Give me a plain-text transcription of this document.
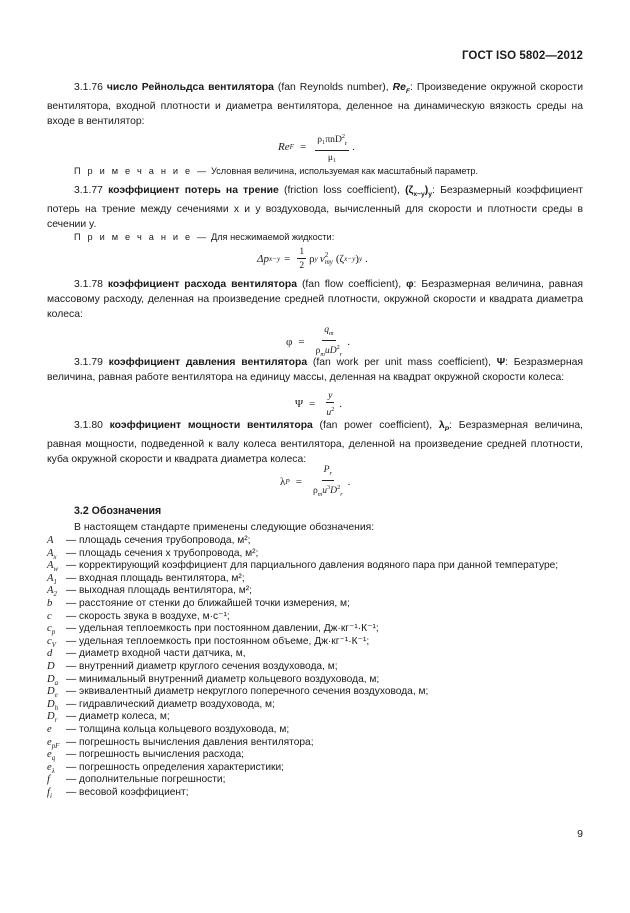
ГОСТ ISO 5802—2012
3.1.76 число Рейнольдса вентилятора (fan Reynolds number), $Re_F$: Произведение окружной скорости вентилятора, входной плотности и диаметра вентилятора, деленное на динамическую вязкость среды на входе в вентилятор:
Re $F = \frac{\rho_1\pi nD^2_r}{\text{μ₁}}$ .
П р и м е ч а н и е — Условная величина, используемая как масштабный параметр.
3.1.77 коэффициент потерь на трение (friction loss coefficient), $(\zeta_{x-y})_y$: Безразмерный коэффициент потерь на трение между сечениями x и y воздуховода, вычисленный для скорости и плотности среды в сечении y.
П р и м е ч а н и е — Для несжимаемой жидкости:
Δp $x-y = \frac{1}{2}$ ρ y v 2
my (ζ x−y ) y .
3.1.78 коэффициент расхода вентилятора (fan flow coefficient), φ: Безразмерная величина, равная массовому расходу, деленная на произведение средней плотности, окружной скорости и квадрата диаметра колеса:
$\varphi = \frac{q_m}{\rho_muD^2_r}$ .
3.1.79 коэффициент давления вентилятора (fan work per unit mass coefficient), Ψ: Безразмерная величина, равная работе вентилятора на единицу массы, деленная на квадрат окружной скорости колеса:
$\Psi = \frac{y}{u^2}$ .
3.1.80 коэффициент мощности вентилятора (fan power coefficient), $\lambda_P$: Безразмерная величина, равная мощности, подведенной к валу колеса вентилятора, деленной на произведение средней плотности, куба окружной скорости и квадрата диаметра колеса:
λ $P = \frac{P_r}{\rho_mu^3D^2_r}$ .
3.2 Обозначения
В настоящем стандарте применены следующие обозначения:
A	— площадь сечения трубопровода, м²;
$A_x$ — площадь сечения x трубопровода, м²;
$A_w$ — корректирующий коэффициент для парциального давления водяного пара при данной температуре;
$A_1$ — входная площадь вентилятора, м²;
$A_2$ — выходная площадь вентилятора, м²;
b	— расстояние от стенки до ближайшей точки измерения, м;
c	— скорость звука в воздухе, м·с⁻¹;
$c_p$	— удельная теплоемкость при постоянном давлении, Дж·кг⁻¹·К⁻¹;
$c_V$ — удельная теплоемкость при постоянном объеме, Дж·кг⁻¹·К⁻¹;
d	— диаметр входной части датчика, м,
D	— внутренний диаметр круглого сечения воздуховода, м;
$D_a$ — минимальный внутренний диаметр кольцевого воздуховода, м;
$D_e$ — эквивалентный диаметр некруглого поперечного сечения воздуховода, м;
$D_h$ — гидравлический диаметр воздуховода, м;
$D_r$ — диаметр колеса, м;
e	— толщина кольца кольцевого воздуховода, м;
$e_{pF}$ — погрешность вычисления давления вентилятора;
$e_q$	— погрешность вычисления расхода;
$e_\lambda$	— погрешность определения характеристики;
f	— дополнительные погрешности;
$f_i$	— весовой коэффициент;
9
